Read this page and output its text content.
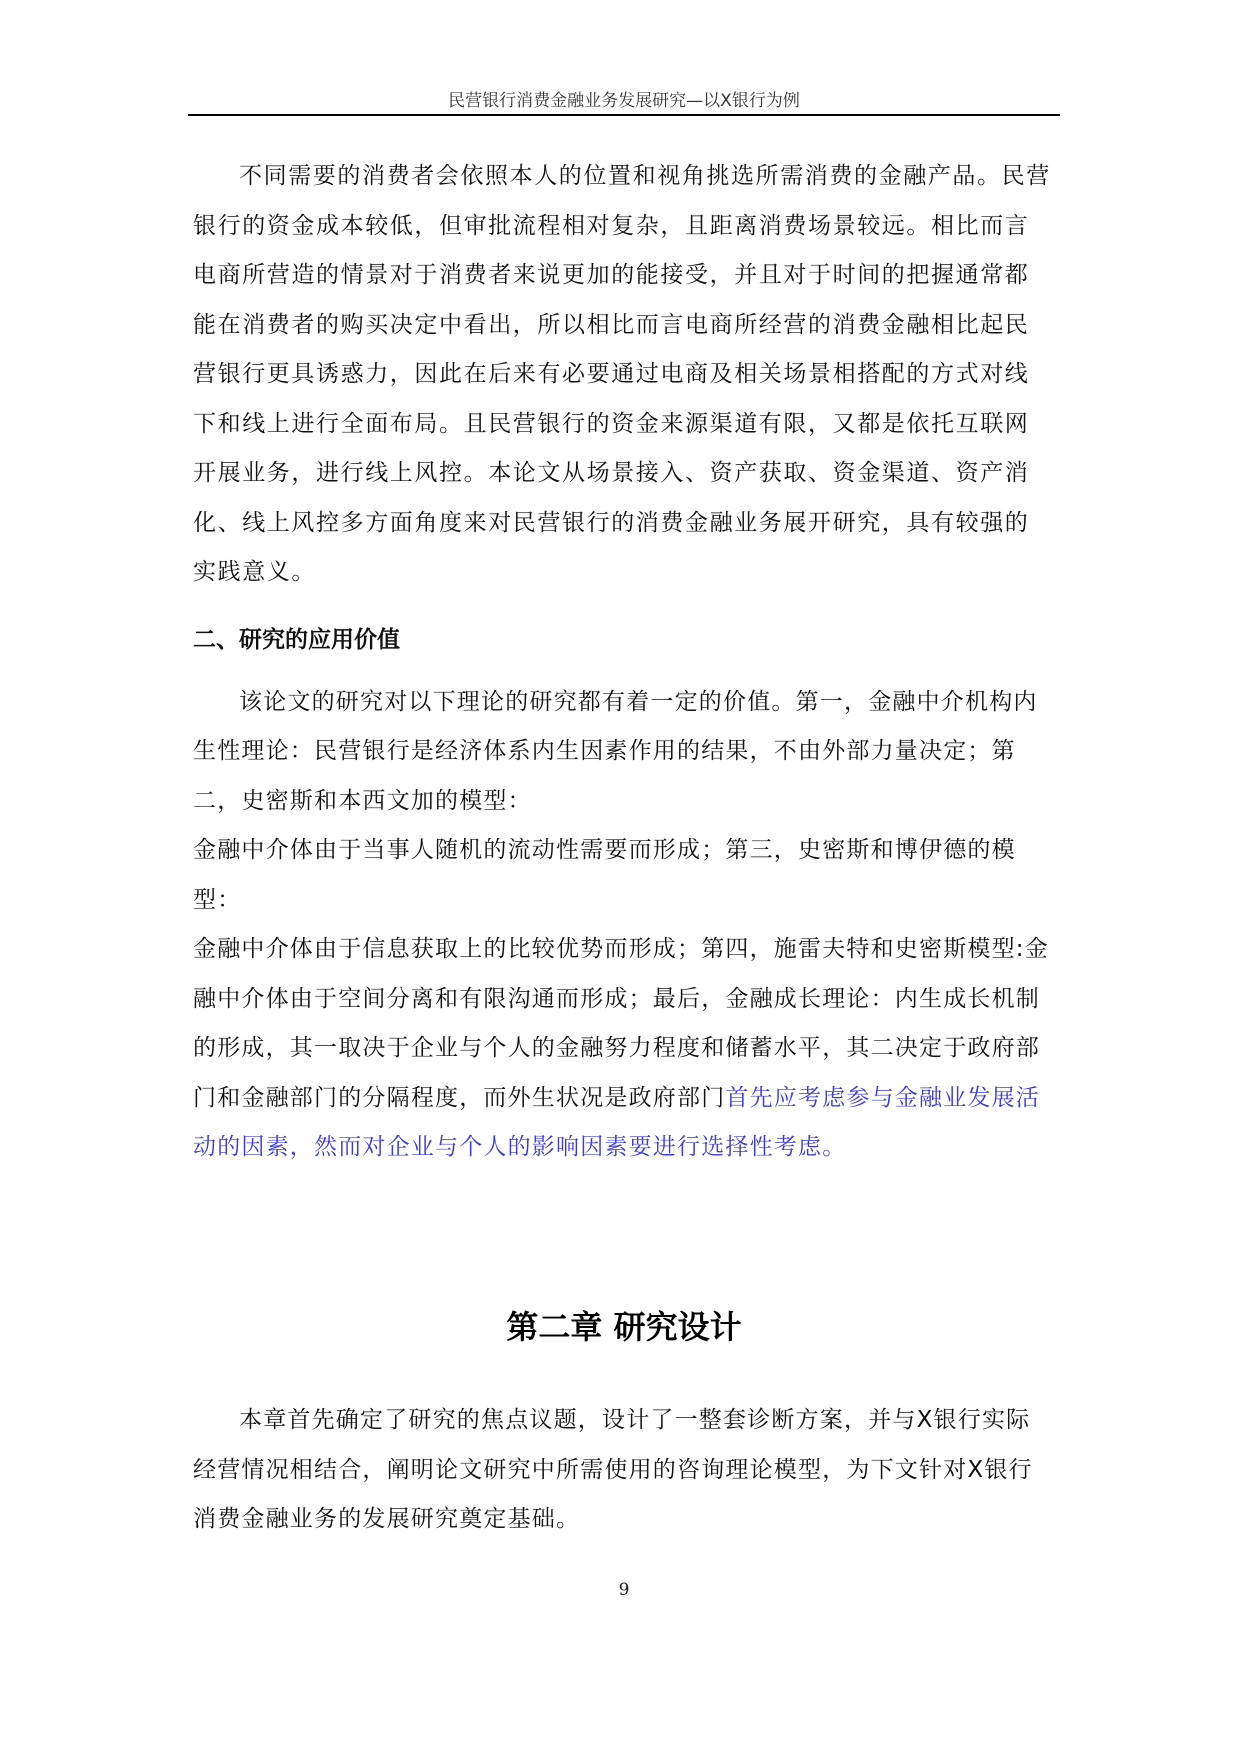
民营银行消费金融业务发展研究—以X银行为例

不同需要的消费者会依照本人的位置和视角挑选所需消费的金融产品。民营银行的资金成本较低，但审批流程相对复杂，且距离消费场景较远。相比而言电商所营造的情景对于消费者来说更加的能接受，并且对于时间的把握通常都能在消费者的购买决定中看出，所以相比而言电商所经营的消费金融相比起民营银行更具诱惑力，因此在后来有必要通过电商及相关场景相搭配的方式对线下和线上进行全面布局。且民营银行的资金来源渠道有限，又都是依托互联网开展业务，进行线上风控。本论文从场景接入、资产获取、资金渠道、资产消化、线上风控多方面角度来对民营银行的消费金融业务展开研究，具有较强的实践意义。

二、研究的应用价值

该论文的研究对以下理论的研究都有着一定的价值。第一，金融中介机构内生性理论：民营银行是经济体系内生因素作用的结果，不由外部力量决定；第二，史密斯和本西文加的模型：

金融中介体由于当事人随机的流动性需要而形成；第三，史密斯和博伊德的模型：

金融中介体由于信息获取上的比较优势而形成；第四，施雷夫特和史密斯模型:金融中介体由于空间分离和有限沟通而形成；最后，金融成长理论：内生成长机制的形成，其一取决于企业与个人的金融努力程度和储蓄水平，其二决定于政府部门和金融部门的分隔程度，而外生状况是政府部门首先应考虑参与金融业发展活动的因素，然而对企业与个人的影响因素要进行选择性考虑。

第二章 研究设计

本章首先确定了研究的焦点议题，设计了一整套诊断方案，并与X银行实际经营情况相结合，阐明论文研究中所需使用的咨询理论模型，为下文针对X银行消费金融业务的发展研究奠定基础。

9
